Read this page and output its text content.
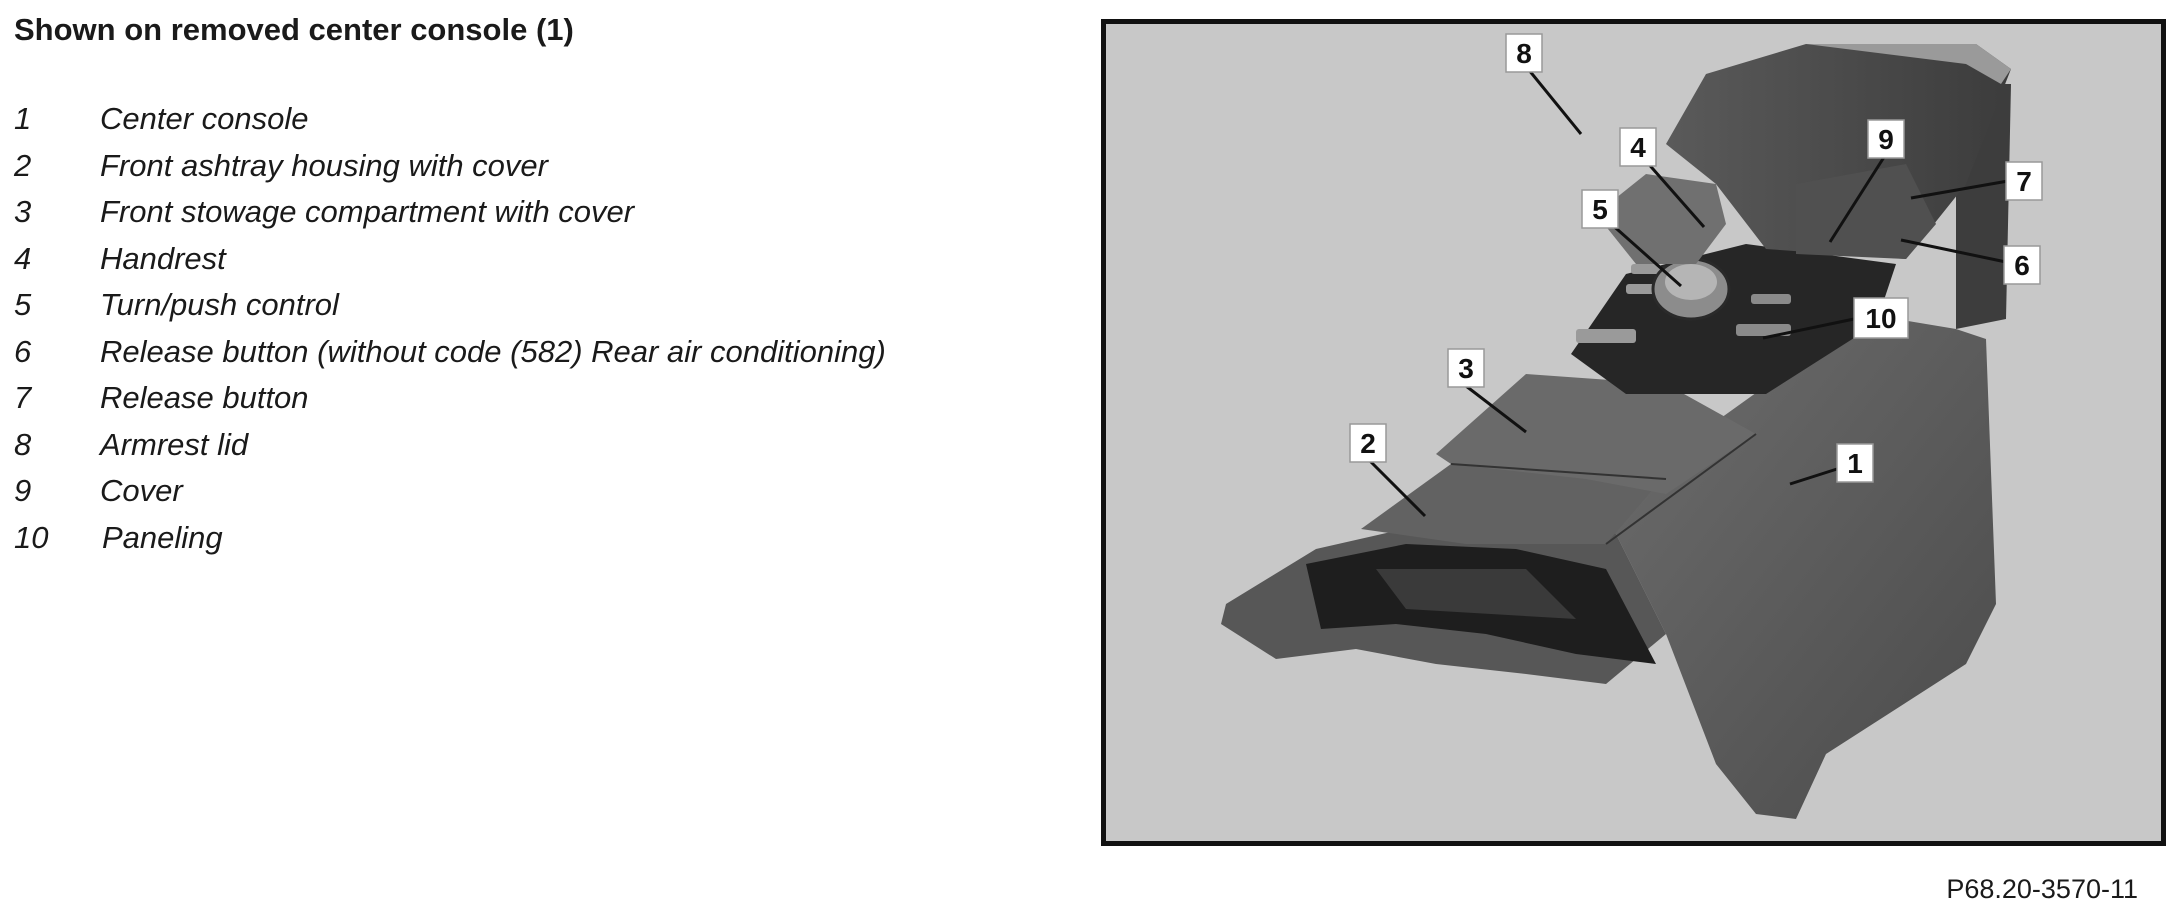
Shown on removed center console (1)
1	Center console
2	Front ashtray housing with cover
3	Front stowage compartment with cover
4	Handrest
5	Turn/push control
6	Release button (without code (582) Rear air conditioning)
7	Release button
8	Armrest lid
9	Cover
10	Paneling
8
4	9
7
5
6
10
3
2
1
P68.20-3570-11
